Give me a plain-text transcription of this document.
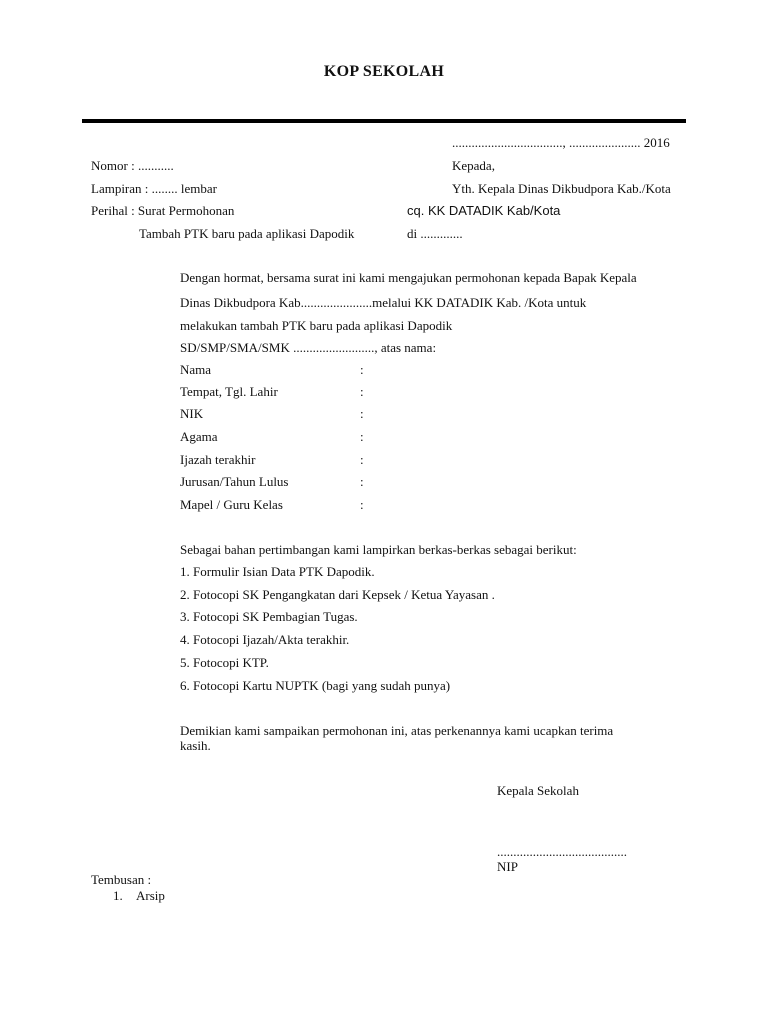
KOP SEKOLAH
.................................., ...................... 2016
Nomor : ...........
Lampiran : ........ lembar
Perihal : Surat Permohonan
Tambah PTK baru pada aplikasi Dapodik
Kepada,
Yth. Kepala Dinas Dikbudpora Kab./Kota
cq. KK DATADIK Kab/Kota
di .............
Dengan hormat, bersama surat ini kami mengajukan permohonan kepada Bapak Kepala
Dinas Dikbudpora Kab......................melalui KK DATADIK Kab. /Kota untuk
melakukan tambah PTK baru pada aplikasi Dapodik
SD/SMP/SMA/SMK ........................., atas nama:
Nama	:
Tempat, Tgl. Lahir	:
NIK	:
Agama	:
Ijazah terakhir	:
Jurusan/Tahun Lulus	:
Mapel / Guru Kelas	:
Sebagai bahan pertimbangan kami lampirkan berkas-berkas sebagai berikut:
1. Formulir Isian Data PTK Dapodik.
2. Fotocopi SK Pengangkatan dari Kepsek / Ketua Yayasan .
3. Fotocopi SK Pembagian Tugas.
4. Fotocopi Ijazah/Akta terakhir.
5. Fotocopi KTP.
6. Fotocopi Kartu NUPTK (bagi yang sudah punya)
Demikian kami sampaikan permohonan ini, atas perkenannya kami ucapkan terima
kasih.
Kepala Sekolah
........................................
NIP
Tembusan :
1. Arsip
